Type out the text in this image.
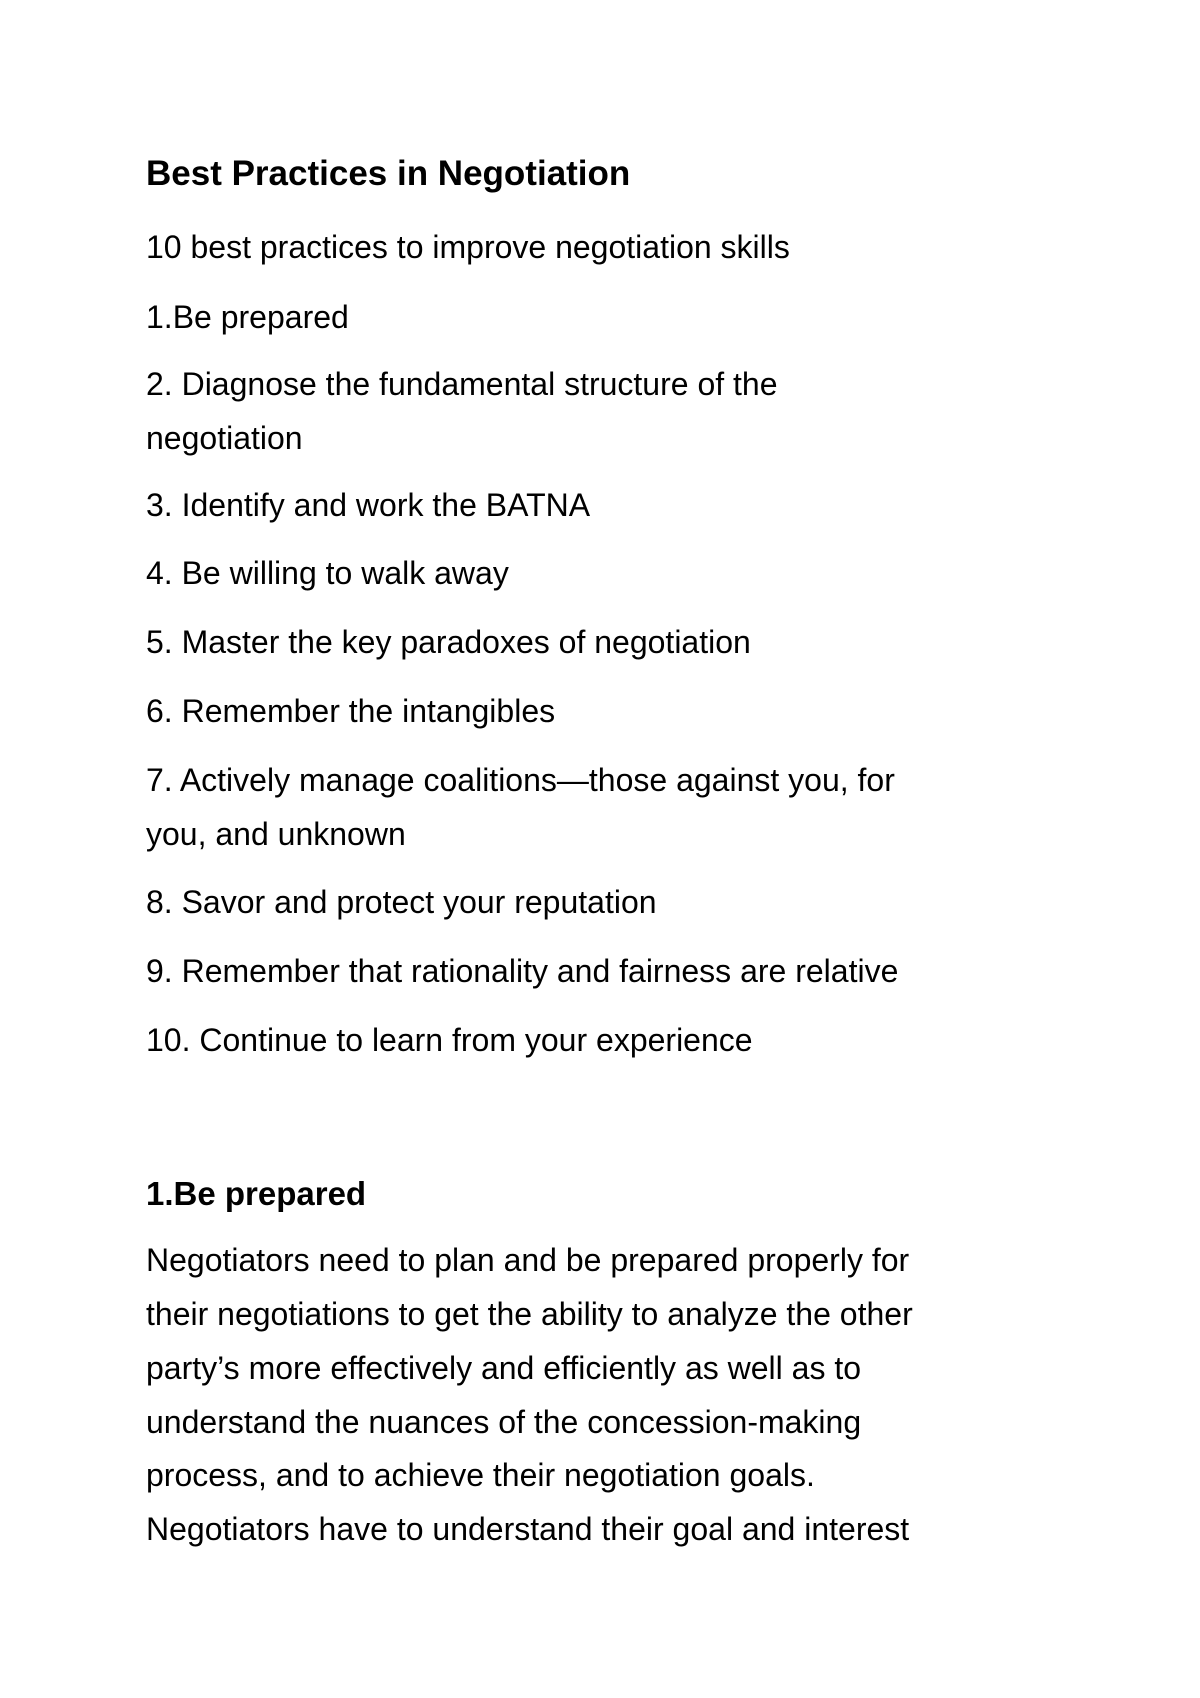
Best Practices in Negotiation
10 best practices to improve negotiation skills
1.Be prepared
2. Diagnose the fundamental structure of the
negotiation
3. Identify and work the BATNA
4. Be willing to walk away
5. Master the key paradoxes of negotiation
6. Remember the intangibles
7. Actively manage coalitions—those against you, for
you, and unknown
8. Savor and protect your reputation
9. Remember that rationality and fairness are relative
10. Continue to learn from your experience
1.Be prepared
Negotiators need to plan and be prepared properly for
their negotiations to get the ability to analyze the other
party’s more effectively and efficiently as well as to
understand the nuances of the concession-making
process, and to achieve their negotiation goals.
Negotiators have to understand their goal and interest
